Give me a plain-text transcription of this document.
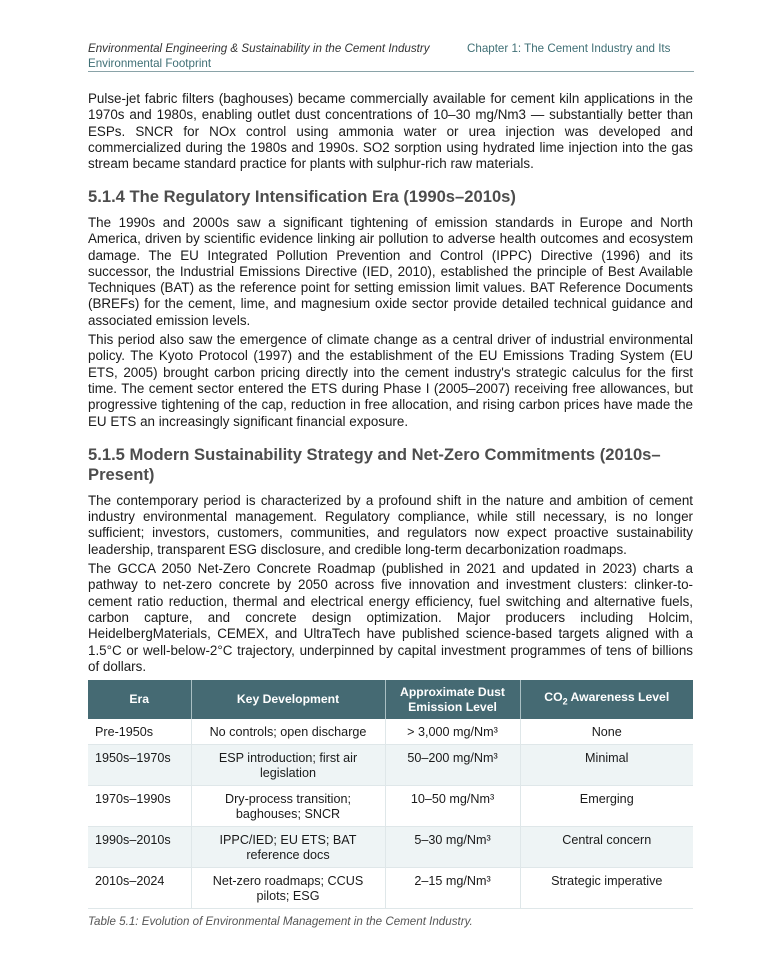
Environmental Engineering & Sustainability in the Cement Industry	Chapter 1: The Cement Industry and Its
Environmental Footprint

Pulse-jet fabric filters (baghouses) became commercially available for cement kiln applications in the 1970s and 1980s, enabling outlet dust concentrations of 10–30 mg/Nm3 — substantially better than ESPs. SNCR for NOx control using ammonia water or urea injection was developed and commercialized during the 1980s and 1990s. SO2 sorption using hydrated lime injection into the gas stream became standard practice for plants with sulphur-rich raw materials.

5.1.4 The Regulatory Intensification Era (1990s–2010s)

The 1990s and 2000s saw a significant tightening of emission standards in Europe and North America, driven by scientific evidence linking air pollution to adverse health outcomes and ecosystem damage. The EU Integrated Pollution Prevention and Control (IPPC) Directive (1996) and its successor, the Industrial Emissions Directive (IED, 2010), established the principle of Best Available Techniques (BAT) as the reference point for setting emission limit values. BAT Reference Documents (BREFs) for the cement, lime, and magnesium oxide sector provide detailed technical guidance and associated emission levels.

This period also saw the emergence of climate change as a central driver of industrial environmental policy. The Kyoto Protocol (1997) and the establishment of the EU Emissions Trading System (EU ETS, 2005) brought carbon pricing directly into the cement industry's strategic calculus for the first time. The cement sector entered the ETS during Phase I (2005–2007) receiving free allowances, but progressive tightening of the cap, reduction in free allocation, and rising carbon prices have made the EU ETS an increasingly significant financial exposure.

5.1.5 Modern Sustainability Strategy and Net-Zero Commitments (2010s–Present)

The contemporary period is characterized by a profound shift in the nature and ambition of cement industry environmental management. Regulatory compliance, while still necessary, is no longer sufficient; investors, customers, communities, and regulators now expect proactive sustainability leadership, transparent ESG disclosure, and credible long-term decarbonization roadmaps.

The GCCA 2050 Net-Zero Concrete Roadmap (published in 2021 and updated in 2023) charts a pathway to net-zero concrete by 2050 across five innovation and investment clusters: clinker-to-cement ratio reduction, thermal and electrical energy efficiency, fuel switching and alternative fuels, carbon capture, and concrete design optimization. Major producers including Holcim, HeidelbergMaterials, CEMEX, and UltraTech have published science-based targets aligned with a 1.5°C or well-below-2°C trajectory, underpinned by capital investment programmes of tens of billions of dollars.

Era	Key Development	Approximate Dust Emission Level	$CO_2$ Awareness Level
Pre-1950s	No controls; open discharge	> 3,000 mg/Nm³	None
1950s–1970s	ESP introduction; first air legislation	50–200 mg/Nm³	Minimal
1970s–1990s	Dry-process transition; baghouses; SNCR	10–50 mg/Nm³	Emerging
1990s–2010s	IPPC/IED; EU ETS; BAT reference docs	5–30 mg/Nm³	Central concern
2010s–2024	Net-zero roadmaps; CCUS pilots; ESG	2–15 mg/Nm³	Strategic imperative
Table 5.1: Evolution of Environmental Management in the Cement Industry.
